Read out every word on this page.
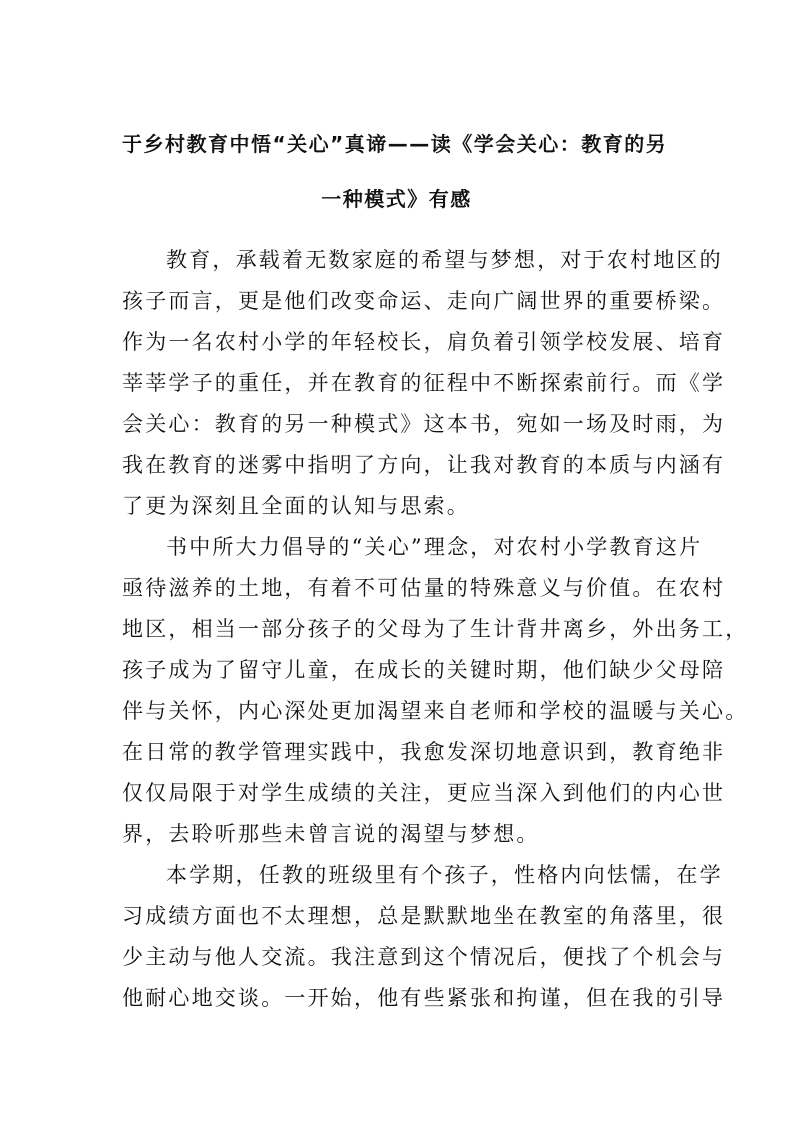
于乡村教育中悟“关心”真谛——读《学会关心：教育的另
一种模式》有感
教育，承载着无数家庭的希望与梦想，对于农村地区的
孩子而言，更是他们改变命运、走向广阔世界的重要桥梁。
作为一名农村小学的年轻校长，肩负着引领学校发展、培育
莘莘学子的重任，并在教育的征程中不断探索前行。而《学
会关心：教育的另一种模式》这本书，宛如一场及时雨，为
我在教育的迷雾中指明了方向，让我对教育的本质与内涵有
了更为深刻且全面的认知与思索。
书中所大力倡导的“关心”理念，对农村小学教育这片
亟待滋养的土地，有着不可估量的特殊意义与价值。在农村
地区，相当一部分孩子的父母为了生计背井离乡，外出务工，
孩子成为了留守儿童，在成长的关键时期，他们缺少父母陪
伴与关怀，内心深处更加渴望来自老师和学校的温暖与关心。
在日常的教学管理实践中，我愈发深切地意识到，教育绝非
仅仅局限于对学生成绩的关注，更应当深入到他们的内心世
界，去聆听那些未曾言说的渴望与梦想。
本学期，任教的班级里有个孩子，性格内向怯懦，在学
习成绩方面也不太理想，总是默默地坐在教室的角落里，很
少主动与他人交流。我注意到这个情况后，便找了个机会与
他耐心地交谈。一开始，他有些紧张和拘谨，但在我的引导
